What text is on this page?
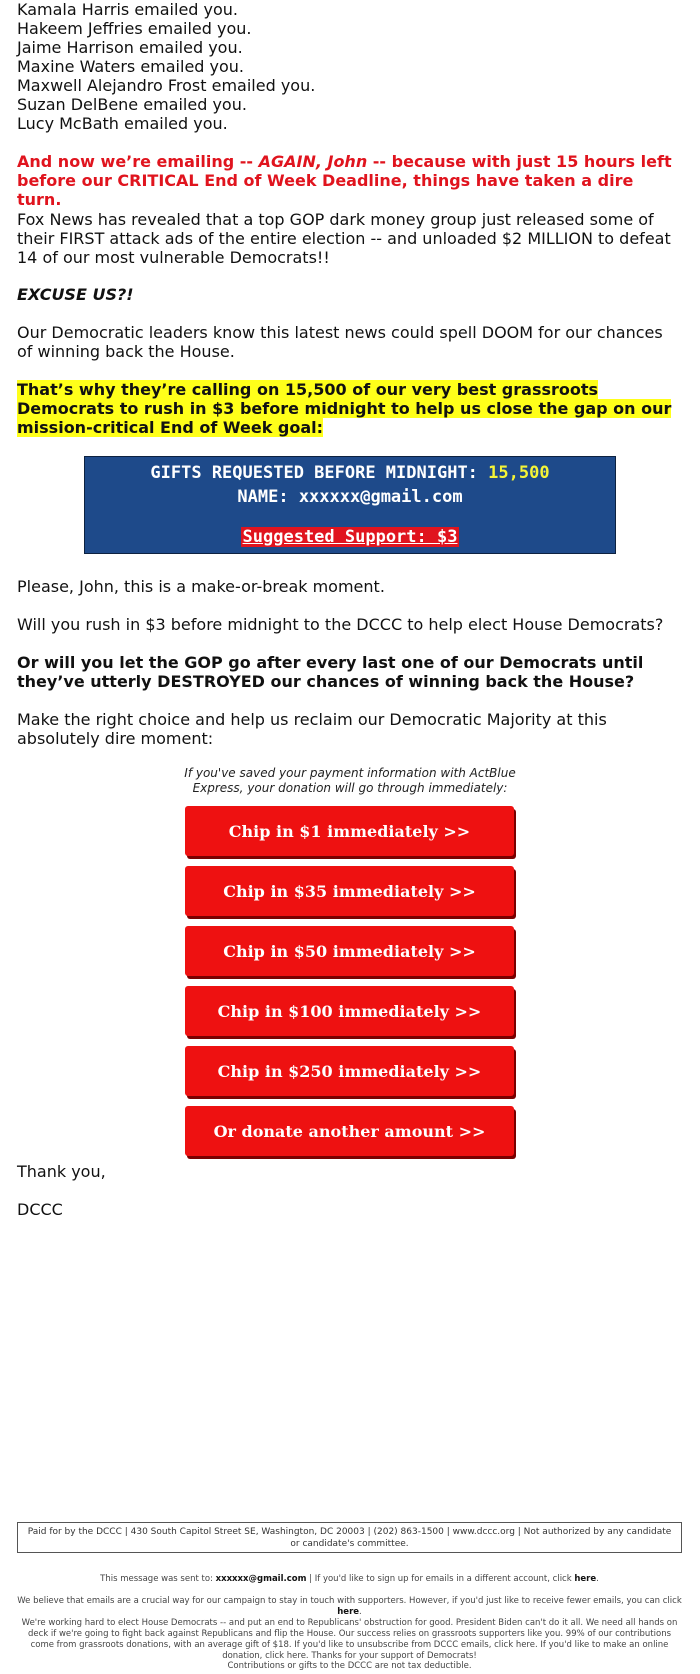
Kamala Harris emailed you.
Hakeem Jeffries emailed you.
Jaime Harrison emailed you.
Maxine Waters emailed you.
Maxwell Alejandro Frost emailed you.
Suzan DelBene emailed you.
Lucy McBath emailed you.

And now we’re emailing -- AGAIN, John -- because with just 15 hours left before our CRITICAL End of Week Deadline, things have taken a dire turn.

Fox News has revealed that a top GOP dark money group just released some of their FIRST attack ads of the entire election -- and unloaded $2 MILLION to defeat 14 of our most vulnerable Democrats!!

EXCUSE US?!

Our Democratic leaders know this latest news could spell DOOM for our chances of winning back the House.

That’s why they’re calling on 15,500 of our very best grassroots Democrats to rush in $3 before midnight to help us close the gap on our mission-critical End of Week goal:

GIFTS REQUESTED BEFORE MIDNIGHT: 15,500
NAME: xxxxxx@gmail.com
Suggested Support: $3

Please, John, this is a make-or-break moment.

Will you rush in $3 before midnight to the DCCC to help elect House Democrats?

Or will you let the GOP go after every last one of our Democrats until they’ve utterly DESTROYED our chances of winning back the House?

Make the right choice and help us reclaim our Democratic Majority at this absolutely dire moment:

If you've saved your payment information with ActBlue Express, your donation will go through immediately:
Chip in $1 immediately >>
Chip in $35 immediately >>
Chip in $50 immediately >>
Chip in $100 immediately >>
Chip in $250 immediately >>
Or donate another amount >>

Thank you,

DCCC

Paid for by the DCCC | 430 South Capitol Street SE, Washington, DC 20003 | (202) 863-1500 | www.dccc.org | Not authorized by any candidate or candidate's committee.
This message was sent to: xxxxxx@gmail.com | If you'd like to sign up for emails in a different account, click here.
We believe that emails are a crucial way for our campaign to stay in touch with supporters. However, if you'd just like to receive fewer emails, you can click here.
We're working hard to elect House Democrats -- and put an end to Republicans' obstruction for good. President Biden can't do it all. We need all hands on deck if we're going to fight back against Republicans and flip the House. Our success relies on grassroots supporters like you. 99% of our contributions come from grassroots donations, with an average gift of $18. If you'd like to unsubscribe from DCCC emails, click here. If you'd like to make an online donation, click here. Thanks for your support of Democrats!
Contributions or gifts to the DCCC are not tax deductible.
